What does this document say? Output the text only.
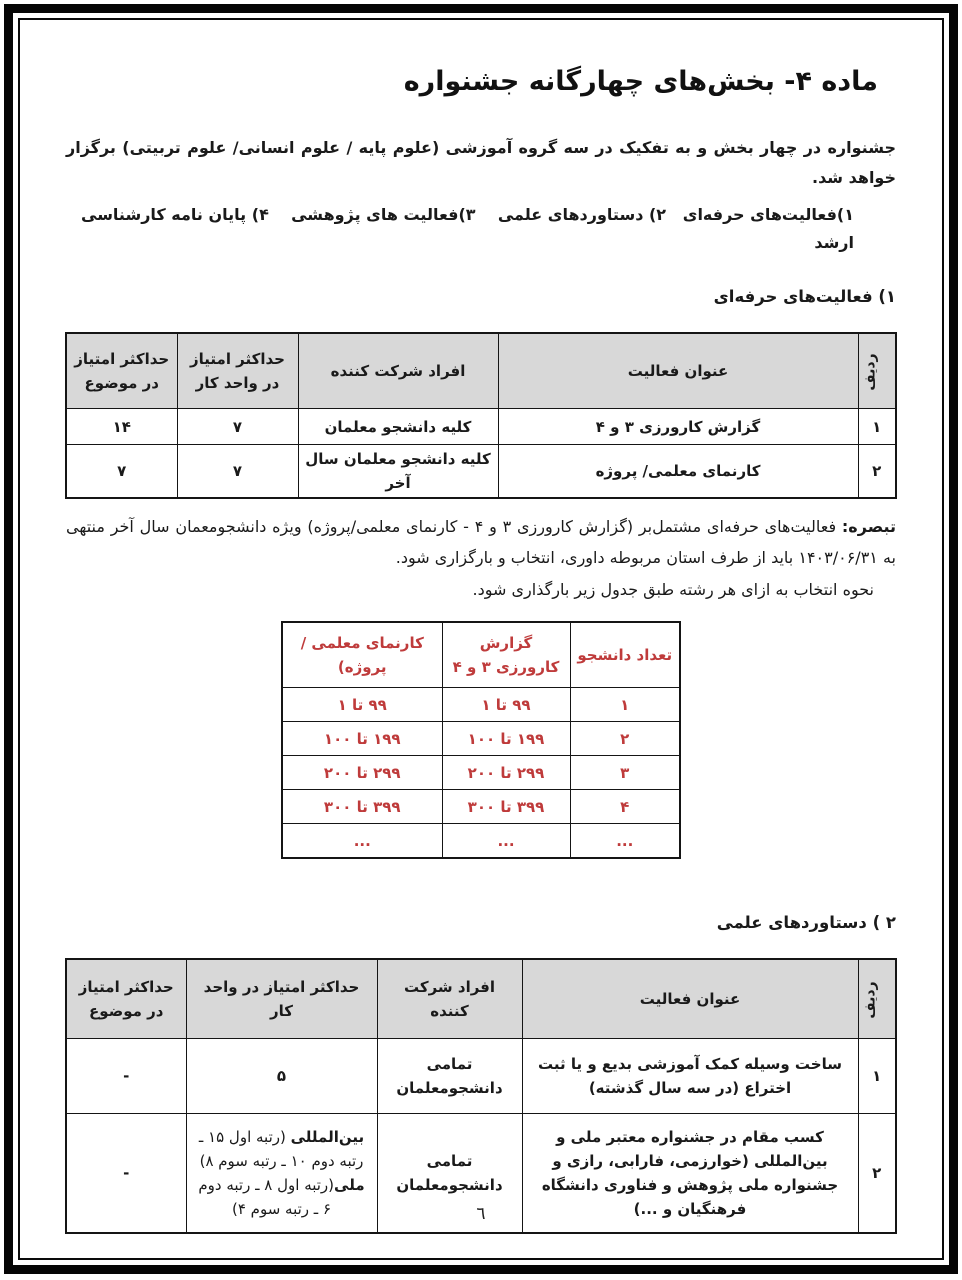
ماده ۴- بخش‌های چهارگانه جشنواره

جشنواره در چهار بخش و به تفکیک در سه گروه آموزشی (علوم پایه / علوم انسانی/ علوم تربیتی) برگزار خواهد شد.

۱)فعالیت‌های حرفه‌ای   ۲) دستاوردهای علمی    ۳)فعالیت های پژوهشی    ۴) پایان نامه کارشناسی ارشد
۱) فعالیت‌های حرفه‌ای
ردیف	عنوان فعالیت	افراد شرکت کننده	حداکثر امتیاز در واحد کار	حداکثر امتیاز در موضوع
۱	گزارش کارورزی ۳ و ۴	کلیه دانشجو معلمان	۷	۱۴
۲	کارنمای معلمی/ پروژه	کلیه دانشجو معلمان سال آخر	۷	۷

تبصره: فعالیت‌های حرفه‌ای مشتمل‌بر (گزارش کارورزی ۳ و ۴ - کارنمای معلمی/پروژه) ویژه دانشجومعمان سال آخر منتهی به ۱۴۰۳/۰۶/۳۱ باید از طرف استان مربوطه داوری، انتخاب و بارگزاری شود.

نحوه انتخاب به ازای هر رشته طبق جدول زیر بارگذاری شود.
تعداد دانشجو	گزارش کارورزی ۳ و ۴	کارنمای معلمی /پروژه)
۱	۹۹ تا ۱	۹۹ تا ۱
۲	۱۹۹ تا ۱۰۰	۱۹۹ تا ۱۰۰
۳	۲۹۹ تا ۲۰۰	۲۹۹ تا ۲۰۰
۴	۳۹۹ تا ۳۰۰	۳۹۹ تا ۳۰۰
...	...	...
۲ ) دستاوردهای علمی
ردیف	عنوان فعالیت	افراد شرکت کننده	حداکثر امتیاز در واحد کار	حداکثر امتیاز در موضوع
۱	ساخت وسیله کمک آموزشی بدیع و یا ثبت اختراع (در سه سال گذشته)	تمامی دانشجومعلمان	۵	-
۲	کسب مقام در جشنواره معتبر ملی و بین‌المللی (خوارزمی، فارابی، رازی و جشنواره ملی پژوهش و فناوری دانشگاه فرهنگیان و ...)	تمامی دانشجومعلمان	بین‌المللی (رتبه اول ۱۵ ـ رتبه دوم ۱۰ ـ رتبه سوم ۸) ملی(رتبه اول ۸ ـ رتبه دوم ۶ ـ رتبه سوم ۴)	-
٦
